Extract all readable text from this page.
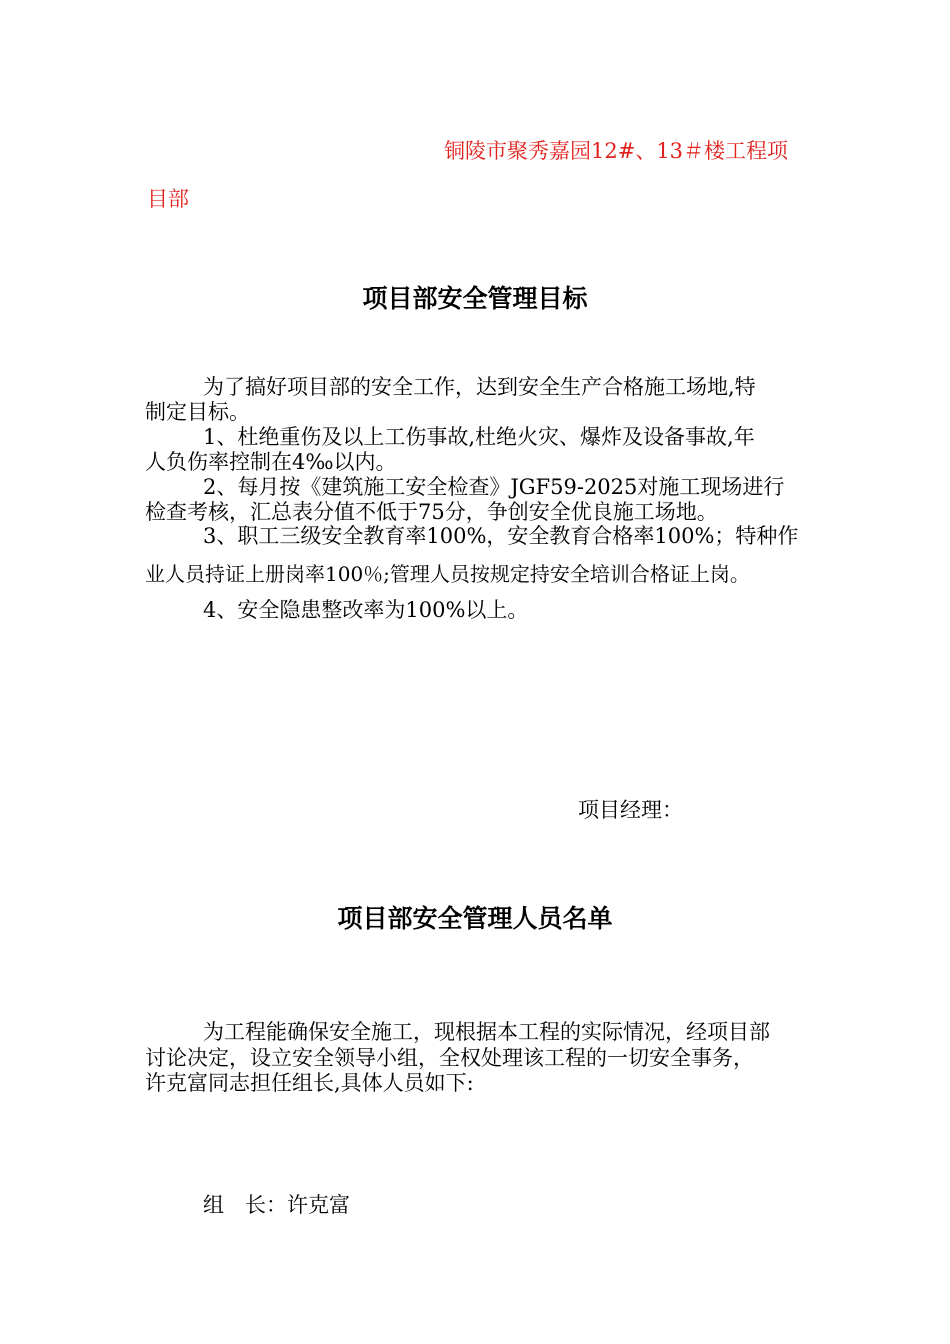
铜陵市聚秀嘉园12#、13＃楼工程项
目部
项目部安全管理目标
为了搞好项目部的安全工作，达到安全生产合格施工场地,特
制定目标。
1、杜绝重伤及以上工伤事故,杜绝火灾、爆炸及设备事故,年
人负伤率控制在4‰以内。
2、每月按《建筑施工安全检查》JGF59-2025对施工现场进行
检查考核，汇总表分值不低于75分，争创安全优良施工场地。
3、职工三级安全教育率100%，安全教育合格率100%；特种作
业人员持证上册岗率100％;管理人员按规定持安全培训合格证上岗。
4、安全隐患整改率为100%以上。
项目经理：
项目部安全管理人员名单
为工程能确保安全施工，现根据本工程的实际情况，经项目部
讨论决定，设立安全领导小组，全权处理该工程的一切安全事务，
许克富同志担任组长,具体人员如下:
组　长：许克富
